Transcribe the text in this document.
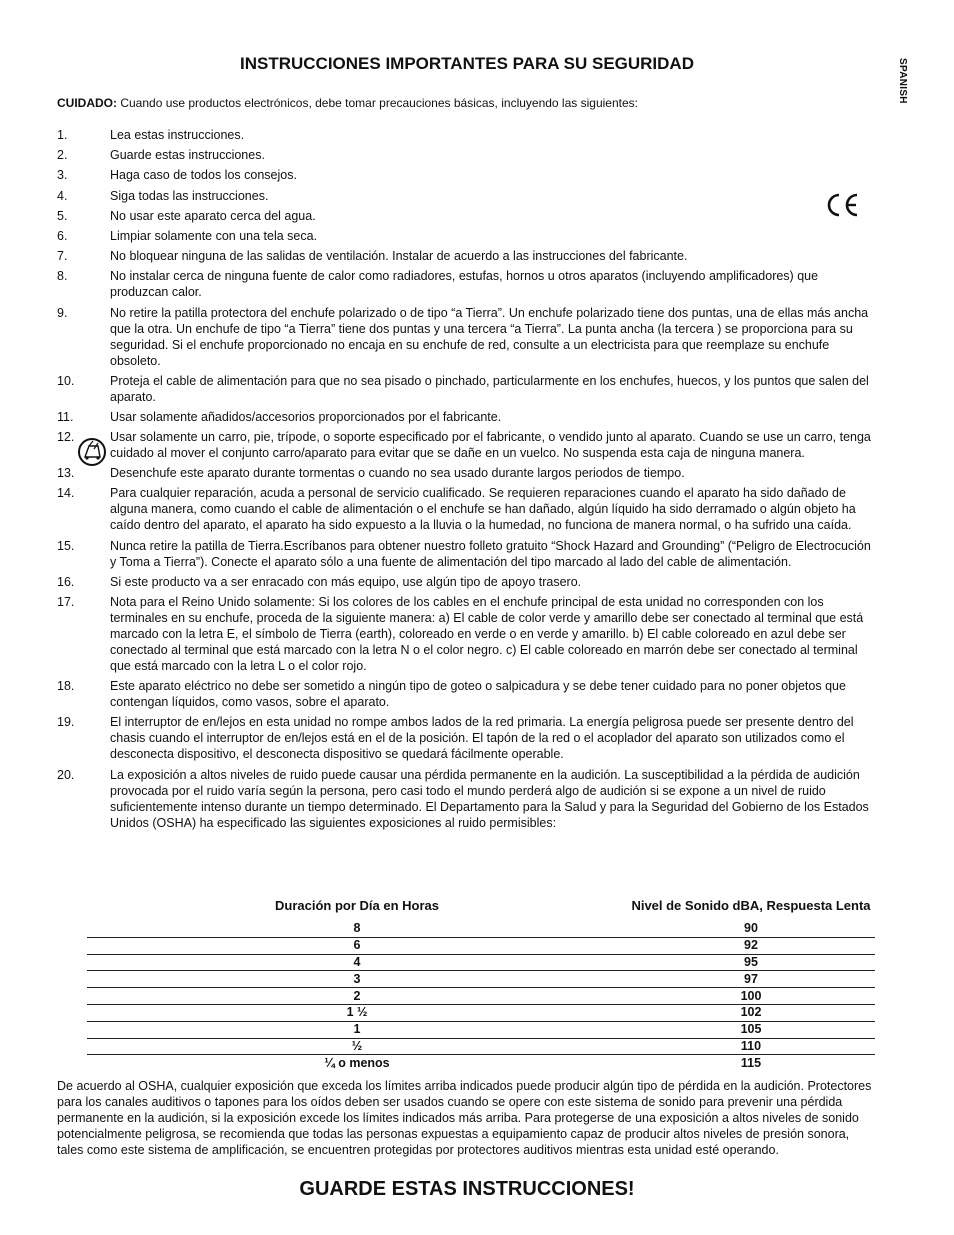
INSTRUCCIONES IMPORTANTES PARA SU SEGURIDAD	SPANISH

CUIDADO: Cuando use productos electrónicos, debe tomar precauciones básicas, incluyendo las siguientes:

1.	Lea estas instrucciones.
2.	Guarde estas instrucciones.
3.	Haga caso de todos los consejos.
4.	Siga todas las instrucciones.
5.	No usar este aparato cerca del agua.
6.	Limpiar solamente con una tela seca.
7.	No bloquear ninguna de las salidas de ventilación. Instalar de acuerdo a las instrucciones del fabricante.
8.	No instalar cerca de ninguna fuente de calor como radiadores, estufas, hornos u otros aparatos (incluyendo amplificadores) que produzcan calor.
9.	No retire la patilla protectora del enchufe polarizado o de tipo “a Tierra”. Un enchufe polarizado tiene dos puntas, una de ellas más ancha que la otra. Un enchufe de tipo “a Tierra” tiene dos puntas y una tercera “a Tierra”. La punta ancha (la tercera ) se proporciona para su seguridad. Si el enchufe proporcionado no encaja en su enchufe de red, consulte a un electricista para que reemplaze su enchufe obsoleto.
10.	Proteja el cable de alimentación para que no sea pisado o pinchado, particularmente en los enchufes, huecos, y los puntos que salen del aparato.
11.	Usar solamente añadidos/accesorios proporcionados por el fabricante.
12.	Usar solamente un carro, pie, trípode, o soporte especificado por el fabricante, o vendido junto al aparato. Cuando se use un carro, tenga cuidado al mover el conjunto carro/aparato para evitar que se dañe en un vuelco. No suspenda esta caja de ninguna manera.
13.	Desenchufe este aparato durante tormentas o cuando no sea usado durante largos periodos de tiempo.
14.	Para cualquier reparación, acuda a personal de servicio cualificado. Se requieren reparaciones cuando el aparato ha sido dañado de alguna manera, como cuando el cable de alimentación o el enchufe se han dañado, algún líquido ha sido derramado o algún objeto ha caído dentro del aparato, el aparato ha sido expuesto a la lluvia o la humedad, no funciona de manera normal, o ha sufrido una caída.
15.	Nunca retire la patilla de Tierra.Escríbanos para obtener nuestro folleto gratuito “Shock Hazard and Grounding” (“Peligro de Electrocución y Toma a Tierra”). Conecte el aparato sólo a una fuente de alimentación del tipo marcado al lado del cable de alimentación.
16.	Si este producto va a ser enracado con más equipo, use algún tipo de apoyo trasero.
17.	Nota para el Reino Unido solamente: Si los colores de los cables en el enchufe principal de esta unidad no corresponden con los terminales en su enchufe, proceda de la siguiente manera: a) El cable de color verde y amarillo debe ser conectado al terminal que está marcado con la letra E, el símbolo de Tierra (earth), coloreado en verde o en verde y amarillo. b) El cable coloreado en azul debe ser conectado al terminal que está marcado con la letra N o el color negro. c) El cable coloreado en marrón debe ser conectado al terminal que está marcado con la letra L o el color rojo.
18.	Este aparato eléctrico no debe ser sometido a ningún tipo de goteo o salpicadura y se debe tener cuidado para no poner objetos que contengan líquidos, como vasos, sobre el aparato.
19.	El interruptor de en/lejos en esta unidad no rompe ambos lados de la red primaria. La energía peligrosa puede ser presente dentro del chasis cuando el interruptor de en/lejos está en el de la posición. El tapón de la red o el acoplador del aparato son utilizados como el desconecta dispositivo, el desconecta dispositivo se quedará fácilmente operable.
20.	La exposición a altos niveles de ruido puede causar una pérdida permanente en la audición. La susceptibilidad a la pérdida de audición provocada por el ruido varía según la persona, pero casi todo el mundo perderá algo de audición si se expone a un nivel de ruido suficientemente intenso durante un tiempo determinado. El Departamento para la Salud y para la Seguridad del Gobierno de los Estados Unidos (OSHA) ha especificado las siguientes exposiciones al ruido permisibles:
Duración por Día en Horas	Nivel de Sonido dBA, Respuesta Lenta
8	90
6	92
4	95
3	97
2	100
1 ½	102
1	105
½	110
¼ o menos	115

De acuerdo al OSHA, cualquier exposición que exceda los límites arriba indicados puede producir algún tipo de pérdida en la audición. Protectores para los canales auditivos o tapones para los oídos deben ser usados cuando se opere con este sistema de sonido para prevenir una pérdida permanente en la audición, si la exposición excede los límites indicados más arriba. Para protegerse de una exposición a altos niveles de sonido potencialmente peligrosa, se recomienda que todas las personas expuestas a equipamiento capaz de producir altos niveles de presión sonora, tales como este sistema de amplificación, se encuentren protegidas por protectores auditivos mientras esta unidad esté operando.

GUARDE ESTAS INSTRUCCIONES!
